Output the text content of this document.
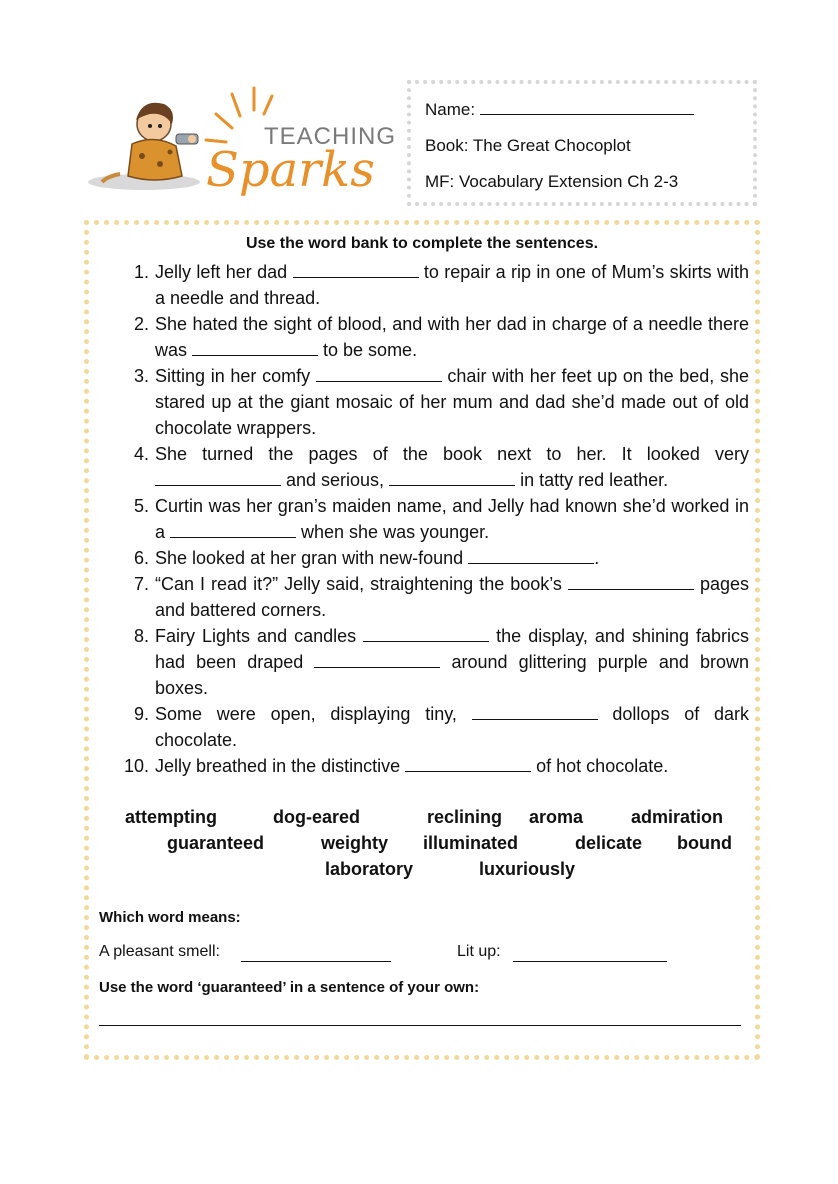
TEACHING
Sparks
Name:
Book: The Great Chocoplot
MF: Vocabulary Extension Ch 2-3
Use the word bank to complete the sentences.
1. Jelly left her dad	to repair a rip in one of Mum’s skirts with a needle and thread.
2. She hated the sight of blood, and with her dad in charge of a needle there was	to be some.
3. Sitting in her comfy	chair with her feet up on the bed, she stared up at the giant mosaic of her mum and dad she’d made out of old chocolate wrappers.
4. She turned the pages of the book next to her. It looked very  and serious,	in tatty red leather.
5. Curtin was her gran’s maiden name, and Jelly had known she’d worked in a	when she was younger.
6. She looked at her gran with new-found	.
7. “Can I read it?” Jelly said, straightening the book’s	pages and battered corners.
8. Fairy Lights and candles	the display, and shining fabrics had been draped	around glittering purple and brown boxes.
9. Some were open, displaying tiny,	dollops of dark chocolate.
10. Jelly breathed in the distinctive	of hot chocolate.
attempting	dog-eared	reclining aroma	admiration
guaranteed	weighty illuminated	delicate bound
laboratory	luxuriously
Which word means:
A pleasant smell:	Lit up:
Use the word ‘guaranteed’ in a sentence of your own:
